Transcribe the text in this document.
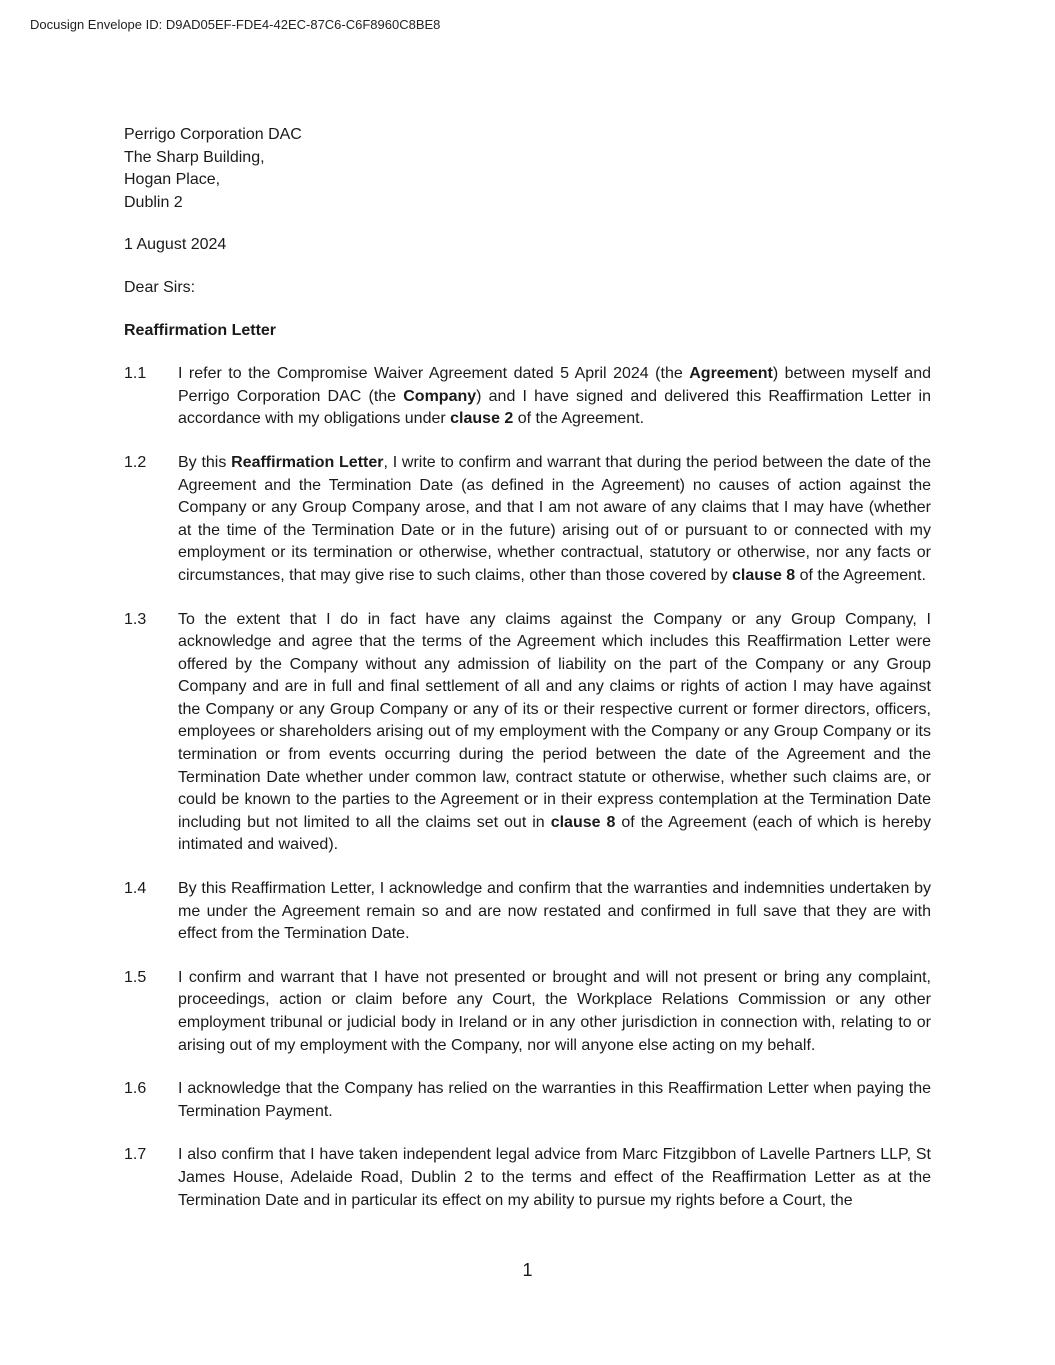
Docusign Envelope ID: D9AD05EF-FDE4-42EC-87C6-C6F8960C8BE8
Perrigo Corporation DAC
The Sharp Building,
Hogan Place,
Dublin 2
1 August 2024
Dear Sirs:
Reaffirmation Letter
1.1	I refer to the Compromise Waiver Agreement dated 5 April 2024 (the Agreement) between myself and Perrigo Corporation DAC (the Company) and I have signed and delivered this Reaffirmation Letter in accordance with my obligations under clause 2 of the Agreement.
1.2	By this Reaffirmation Letter, I write to confirm and warrant that during the period between the date of the Agreement and the Termination Date (as defined in the Agreement) no causes of action against the Company or any Group Company arose, and that I am not aware of any claims that I may have (whether at the time of the Termination Date or in the future) arising out of or pursuant to or connected with my employment or its termination or otherwise, whether contractual, statutory or otherwise, nor any facts or circumstances, that may give rise to such claims, other than those covered by clause 8 of the Agreement.
1.3	To the extent that I do in fact have any claims against the Company or any Group Company, I acknowledge and agree that the terms of the Agreement which includes this Reaffirmation Letter were offered by the Company without any admission of liability on the part of the Company or any Group Company and are in full and final settlement of all and any claims or rights of action I may have against the Company or any Group Company or any of its or their respective current or former directors, officers, employees or shareholders arising out of my employment with the Company or any Group Company or its termination or from events occurring during the period between the date of the Agreement and the Termination Date whether under common law, contract statute or otherwise, whether such claims are, or could be known to the parties to the Agreement or in their express contemplation at the Termination Date including but not limited to all the claims set out in clause 8 of the Agreement (each of which is hereby intimated and waived).
1.4	By this Reaffirmation Letter, I acknowledge and confirm that the warranties and indemnities undertaken by me under the Agreement remain so and are now restated and confirmed in full save that they are with effect from the Termination Date.
1.5	I confirm and warrant that I have not presented or brought and will not present or bring any complaint, proceedings, action or claim before any Court, the Workplace Relations Commission or any other employment tribunal or judicial body in Ireland or in any other jurisdiction in connection with, relating to or arising out of my employment with the Company, nor will anyone else acting on my behalf.
1.6	I acknowledge that the Company has relied on the warranties in this Reaffirmation Letter when paying the Termination Payment.
1.7	I also confirm that I have taken independent legal advice from Marc Fitzgibbon of Lavelle Partners LLP, St James House, Adelaide Road, Dublin 2 to the terms and effect of the Reaffirmation Letter as at the Termination Date and in particular its effect on my ability to pursue my rights before a Court, the
1
